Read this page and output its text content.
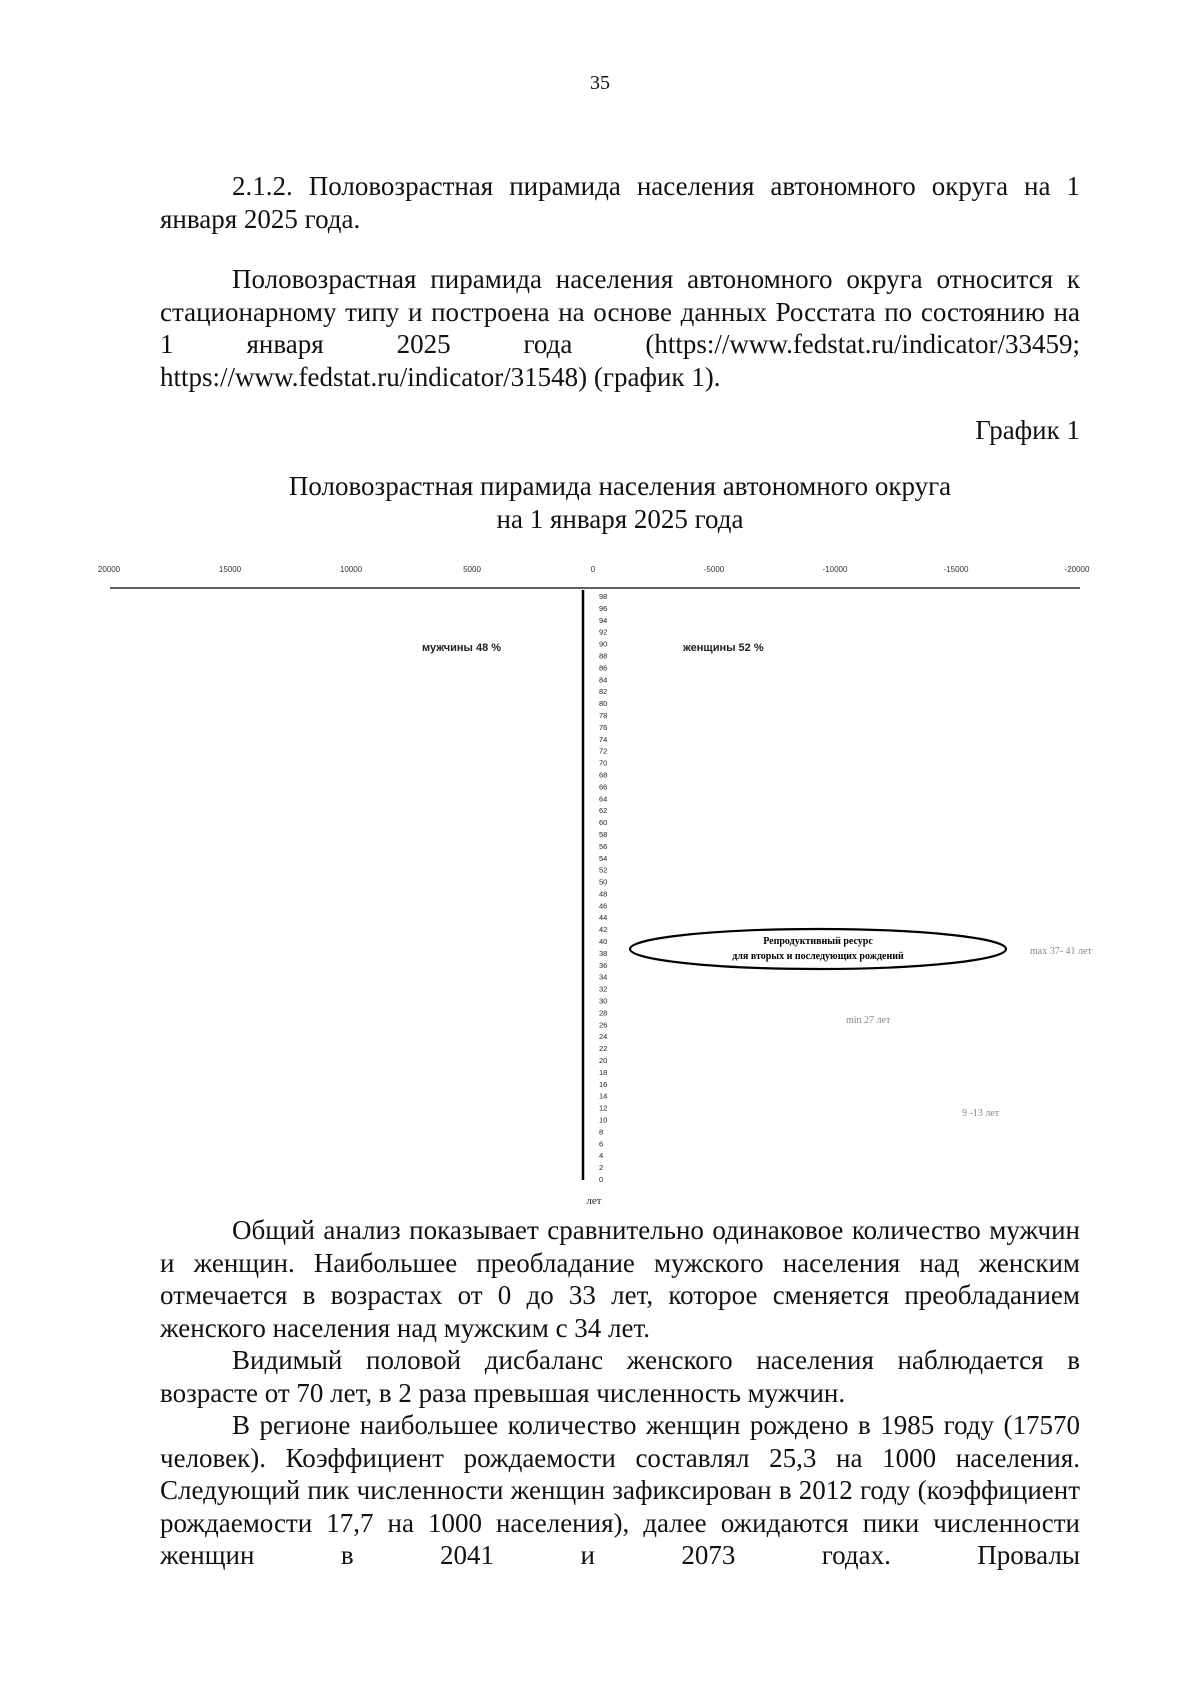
35
2.1.2. Половозрастная пирамида населения автономного округа на 1 января 2025 года.
Половозрастная пирамида населения автономного округа относится к стационарному типу и построена на основе данных Росстата по состоянию на 1 января 2025 года (https://www.fedstat.ru/indicator/33459; https://www.fedstat.ru/indicator/31548) (график 1).
График 1
Половозрастная пирамида населения автономного округа
на 1 января 2025 года
20000	15000	10000	5000	0	-5000	-10000	-15000	-20000
98
96
94
92
90
88
86
84
82
80
78
76
74
72
70
68
66
64
62
60
58
56
54
52
50
48
46
44
42
40
38
36
34
32
30
28
26
24
22
20
18
16
14
12
10
8
6
4
2
0
лет
мужчины 48 %	женщины 52 %
Репродуктивный ресурс
для вторых и последующих рождений	max 37- 41 лет
min 27 лет
9 -13 лет

Общий анализ показывает сравнительно одинаковое количество мужчин и женщин. Наибольшее преобладание мужского населения над женским отмечается в возрастах от 0 до 33 лет, которое сменяется преобладанием женского населения над мужским с 34 лет.

Видимый половой дисбаланс женского населения наблюдается в возрасте от 70 лет, в 2 раза превышая численность мужчин.

В регионе наибольшее количество женщин рождено в 1985 году (17570 человек). Коэффициент рождаемости составлял 25,3 на 1000 населения. Следующий пик численности женщин зафиксирован в 2012 году (коэффициент рождаемости 17,7 на 1000 населения), далее ожидаются пики численности женщин в 2041 и 2073 годах. Провалы
